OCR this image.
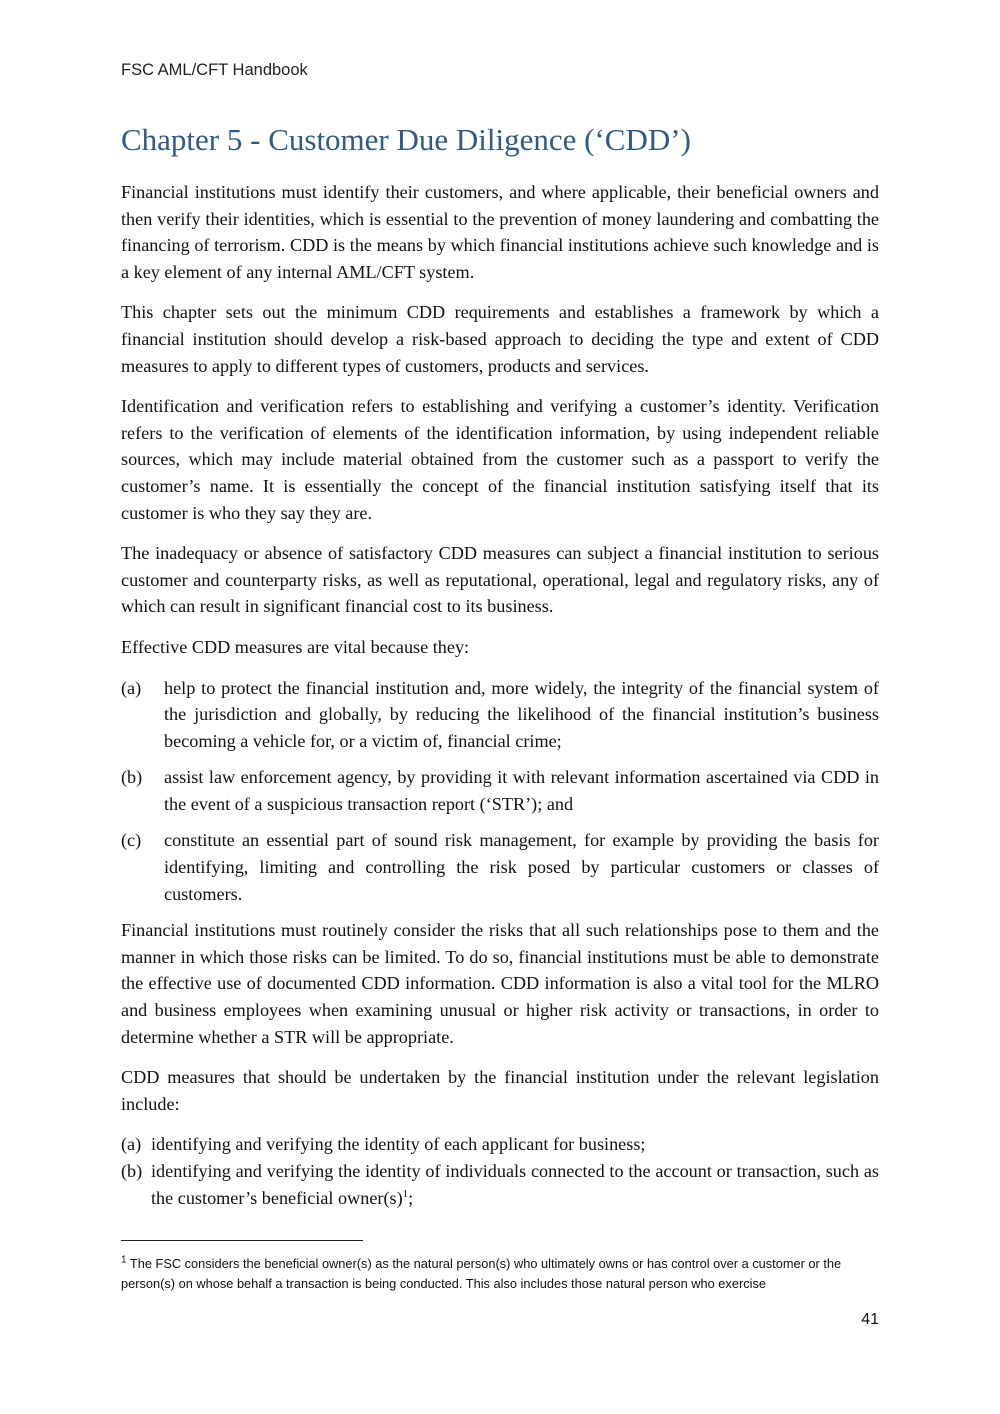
FSC AML/CFT Handbook
Chapter 5 - Customer Due Diligence (‘CDD’)

Financial institutions must identify their customers, and where applicable, their beneficial owners and then verify their identities, which is essential to the prevention of money laundering and combatting the financing of terrorism. CDD is the means by which financial institutions achieve such knowledge and is a key element of any internal AML/CFT system.

This chapter sets out the minimum CDD requirements and establishes a framework by which a financial institution should develop a risk-based approach to deciding the type and extent of CDD measures to apply to different types of customers, products and services.

Identification and verification refers to establishing and verifying a customer’s identity. Verification refers to the verification of elements of the identification information, by using independent reliable sources, which may include material obtained from the customer such as a passport to verify the customer’s name. It is essentially the concept of the financial institution satisfying itself that its customer is who they say they are.

The inadequacy or absence of satisfactory CDD measures can subject a financial institution to serious customer and counterparty risks, as well as reputational, operational, legal and regulatory risks, any of which can result in significant financial cost to its business.

Effective CDD measures are vital because they:

(a)	help to protect the financial institution and, more widely, the integrity of the financial system of the jurisdiction and globally, by reducing the likelihood of the financial institution’s business becoming a vehicle for, or a victim of, financial crime;
(b)	assist law enforcement agency, by providing it with relevant information ascertained via CDD in the event of a suspicious transaction report (‘STR’); and
(c)	constitute an essential part of sound risk management, for example by providing the basis for identifying, limiting and controlling the risk posed by particular customers or classes of customers.

Financial institutions must routinely consider the risks that all such relationships pose to them and the manner in which those risks can be limited. To do so, financial institutions must be able to demonstrate the effective use of documented CDD information. CDD information is also a vital tool for the MLRO and business employees when examining unusual or higher risk activity or transactions, in order to determine whether a STR will be appropriate.

CDD measures that should be undertaken by the financial institution under the relevant legislation include:

(a) identifying and verifying the identity of each applicant for business;
(b) identifying and verifying the identity of individuals connected to the account or transaction, such as the customer’s beneficial $owner(s)^1$;
$^1$ The FSC considers the beneficial owner(s) as the natural person(s) who ultimately owns or has control over a customer or the person(s) on whose behalf a transaction is being conducted. This also includes those natural person who exercise
41
